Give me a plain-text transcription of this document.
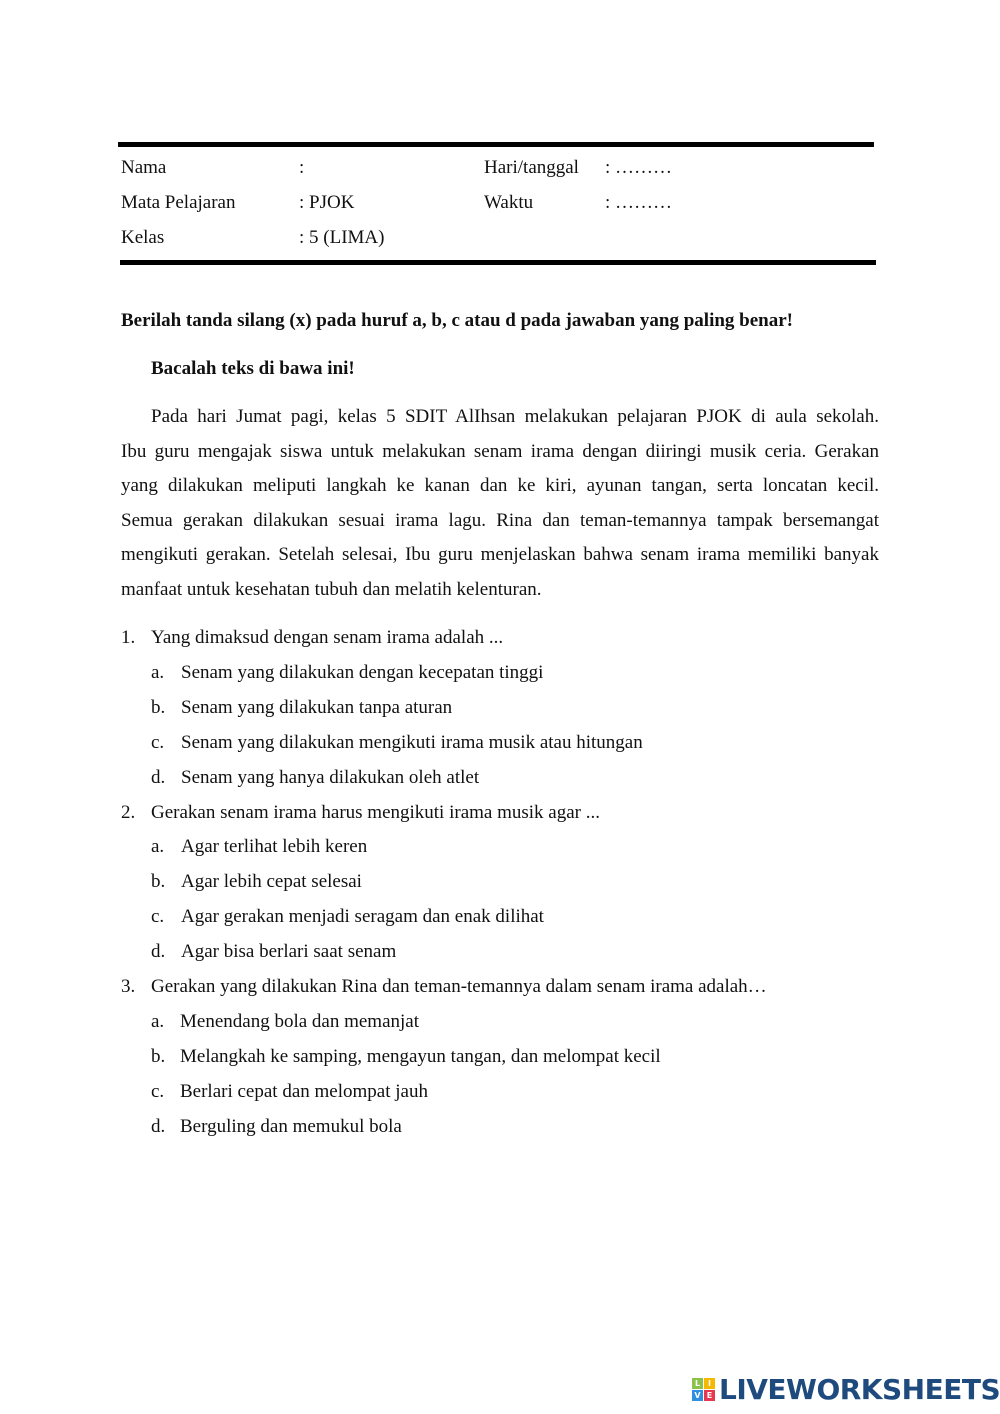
Nama	:	Hari/tanggal : ………
Mata Pelajaran	: PJOK	Waktu	: ………
Kelas	: 5 (LIMA)
Berilah tanda silang (x) pada huruf a, b, c atau d pada jawaban yang paling benar!
Bacalah teks di bawa ini!
Pada hari Jumat pagi, kelas 5 SDIT AlIhsan melakukan pelajaran PJOK di aula sekolah.
Ibu guru mengajak siswa untuk melakukan senam irama dengan diiringi musik ceria. Gerakan
yang dilakukan meliputi langkah ke kanan dan ke kiri, ayunan tangan, serta loncatan kecil.
Semua gerakan dilakukan sesuai irama lagu. Rina dan teman-temannya tampak bersemangat
mengikuti gerakan. Setelah selesai, Ibu guru menjelaskan bahwa senam irama memiliki banyak
manfaat untuk kesehatan tubuh dan melatih kelenturan.
1. Yang dimaksud dengan senam irama adalah ...
a. Senam yang dilakukan dengan kecepatan tinggi
b. Senam yang dilakukan tanpa aturan
c. Senam yang dilakukan mengikuti irama musik atau hitungan
d. Senam yang hanya dilakukan oleh atlet
2. Gerakan senam irama harus mengikuti irama musik agar ...
a. Agar terlihat lebih keren
b. Agar lebih cepat selesai
c. Agar gerakan menjadi seragam dan enak dilihat
d. Agar bisa berlari saat senam
3. Gerakan yang dilakukan Rina dan teman-temannya dalam senam irama adalah…
a. Menendang bola dan memanjat
b. Melangkah ke samping, mengayun tangan, dan melompat kecil
c. Berlari cepat dan melompat jauh
d. Berguling dan memukul bola
L I
V E LIVEWORKSHEETS
